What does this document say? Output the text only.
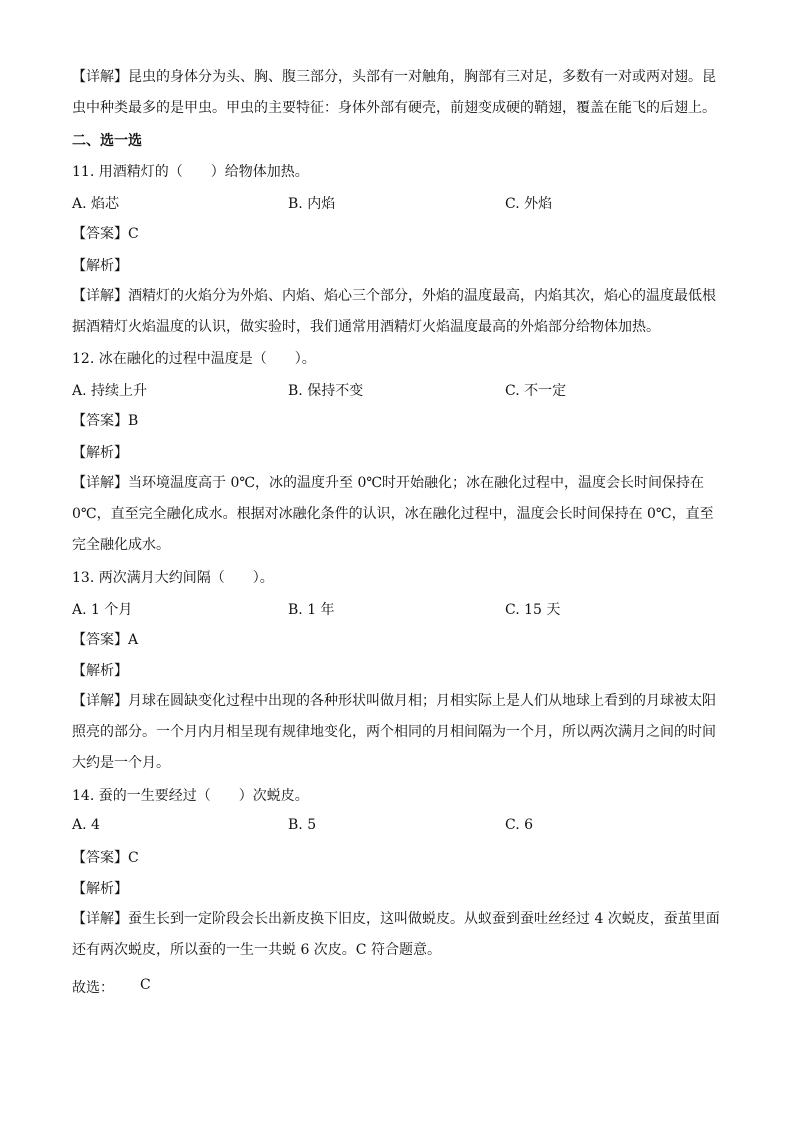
【详解】昆虫的身体分为头、胸、腹三部分，头部有一对触角，胸部有三对足，多数有一对或两对翅。昆虫中种类最多的是甲虫。甲虫的主要特征：身体外部有硬壳，前翅变成硬的鞘翅，覆盖在能飞的后翅上。
二、选一选
11. 用酒精灯的（　　）给物体加热。
A. 焰芯	B. 内焰	C. 外焰
【答案】C
【解析】
【详解】酒精灯的火焰分为外焰、内焰、焰心三个部分，外焰的温度最高，内焰其次，焰心的温度最低根据酒精灯火焰温度的认识，做实验时，我们通常用酒精灯火焰温度最高的外焰部分给物体加热。
12. 冰在融化的过程中温度是（　　）。
A. 持续上升	B. 保持不变	C. 不一定
【答案】B
【解析】
【详解】当环境温度高于 0℃，冰的温度升至 0℃时开始融化；冰在融化过程中，温度会长时间保持在 0℃，直至完全融化成水。根据对冰融化条件的认识，冰在融化过程中，温度会长时间保持在 0℃，直至完全融化成水。
13. 两次满月大约间隔（　　）。
A. 1 个月	B. 1 年	C. 15 天
【答案】A
【解析】
【详解】月球在圆缺变化过程中出现的各种形状叫做月相；月相实际上是人们从地球上看到的月球被太阳照亮的部分。一个月内月相呈现有规律地变化，两个相同的月相间隔为一个月，所以两次满月之间的时间大约是一个月。
14. 蚕的一生要经过（　　）次蜕皮。
A. 4	B. 5	C. 6
【答案】C
【解析】
【详解】蚕生长到一定阶段会长出新皮换下旧皮，这叫做蜕皮。从蚁蚕到蚕吐丝经过 4 次蜕皮，蚕茧里面还有两次蜕皮，所以蚕的一生一共蜕 6 次皮。C 符合题意。
故选： C
